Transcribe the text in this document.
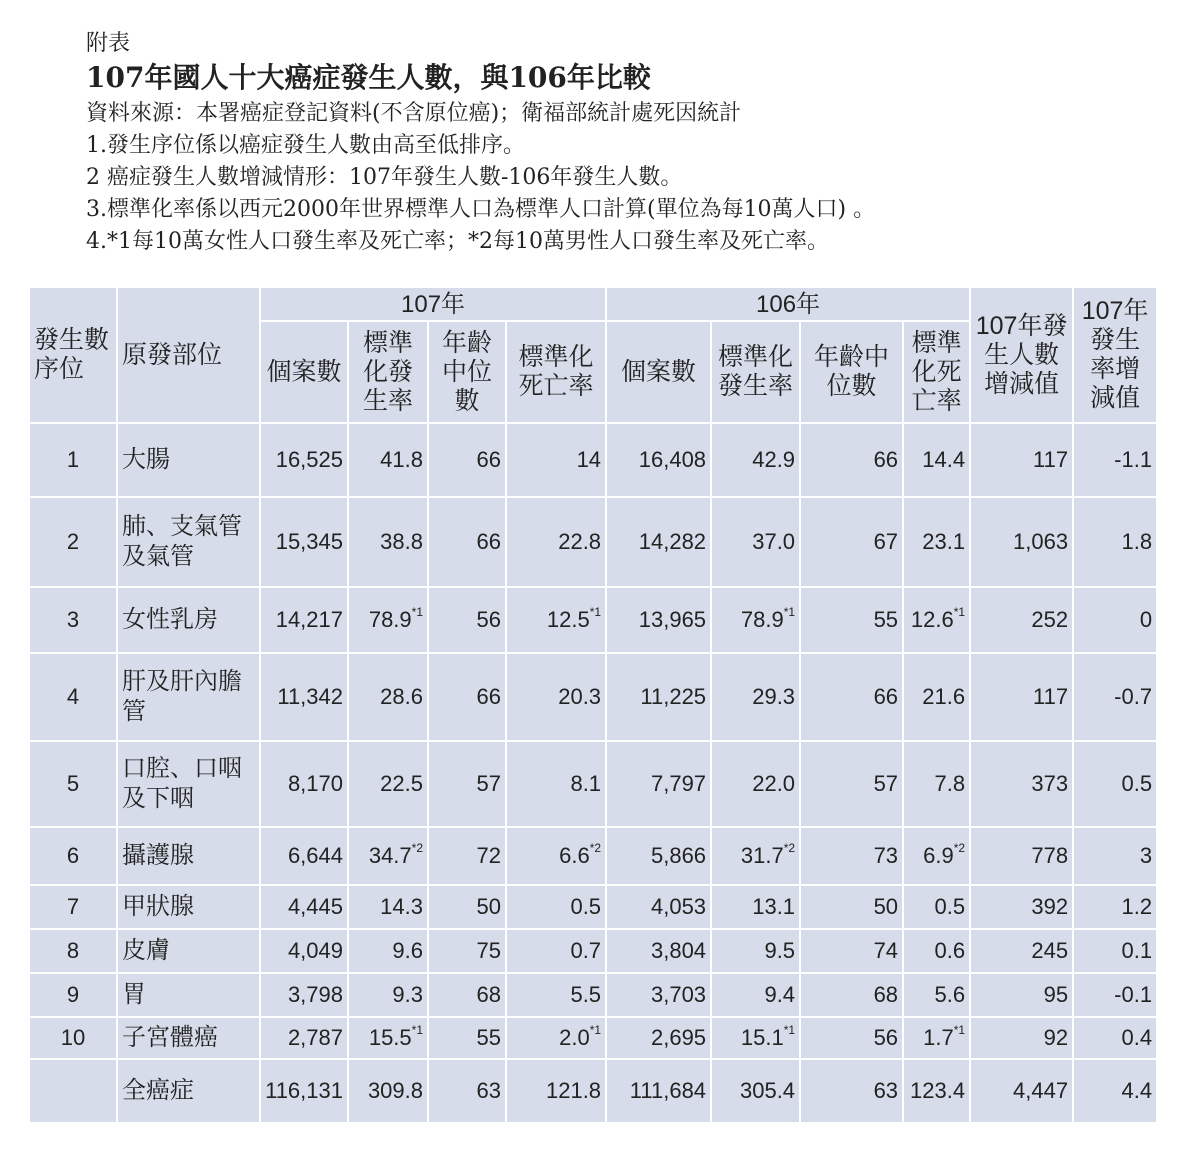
附表
107年國人十大癌症發生人數，與106年比較
資料來源：本署癌症登記資料(不含原位癌)；衛福部統計處死因統計
1.發生序位係以癌症發生人數由高至低排序。
2 癌症發生人數增減情形：107年發生人數-106年發生人數。
3.標準化率係以西元2000年世界標準人口為標準人口計算(單位為每10萬人口) 。
4.*1每10萬女性人口發生率及死亡率；*2每10萬男性人口發生率及死亡率。
發生數序位	原發部位	107年				106年				107年發生人數增減值	107年發生率增減值
		個案數	標準化發生率	年齡中位數	標準化死亡率	個案數	標準化發生率	年齡中位數	標準化死亡率		
1	大腸	16,525	41.8	66	14	16,408	42.9	66	14.4	117	-1.1
2	肺、支氣管及氣管	15,345	38.8	66	22.8	14,282	37.0	67	23.1	1,063	1.8
3	女性乳房	14,217	78.9$^{*1}$	56	12.5$^{*1}$	13,965	78.9$^{*1}$	55	12.6$^{*1}$	252	0
4	肝及肝內膽管	11,342	28.6	66	20.3	11,225	29.3	66	21.6	117	-0.7
5	口腔、口咽及下咽	8,170	22.5	57	8.1	7,797	22.0	57	7.8	373	0.5
6	攝護腺	6,644	34.7$^{*2}$	72	6.6$^{*2}$	5,866	31.7$^{*2}$	73	6.9$^{*2}$	778	3
7	甲狀腺	4,445	14.3	50	0.5	4,053	13.1	50	0.5	392	1.2
8	皮膚	4,049	9.6	75	0.7	3,804	9.5	74	0.6	245	0.1
9	胃	3,798	9.3	68	5.5	3,703	9.4	68	5.6	95	-0.1
10	子宮體癌	2,787	15.5$^{*1}$	55	2.0$^{*1}$	2,695	15.1$^{*1}$	56	1.7$^{*1}$	92	0.4
	全癌症	116,131	309.8	63	121.8	111,684	305.4	63	123.4	4,447	4.4
